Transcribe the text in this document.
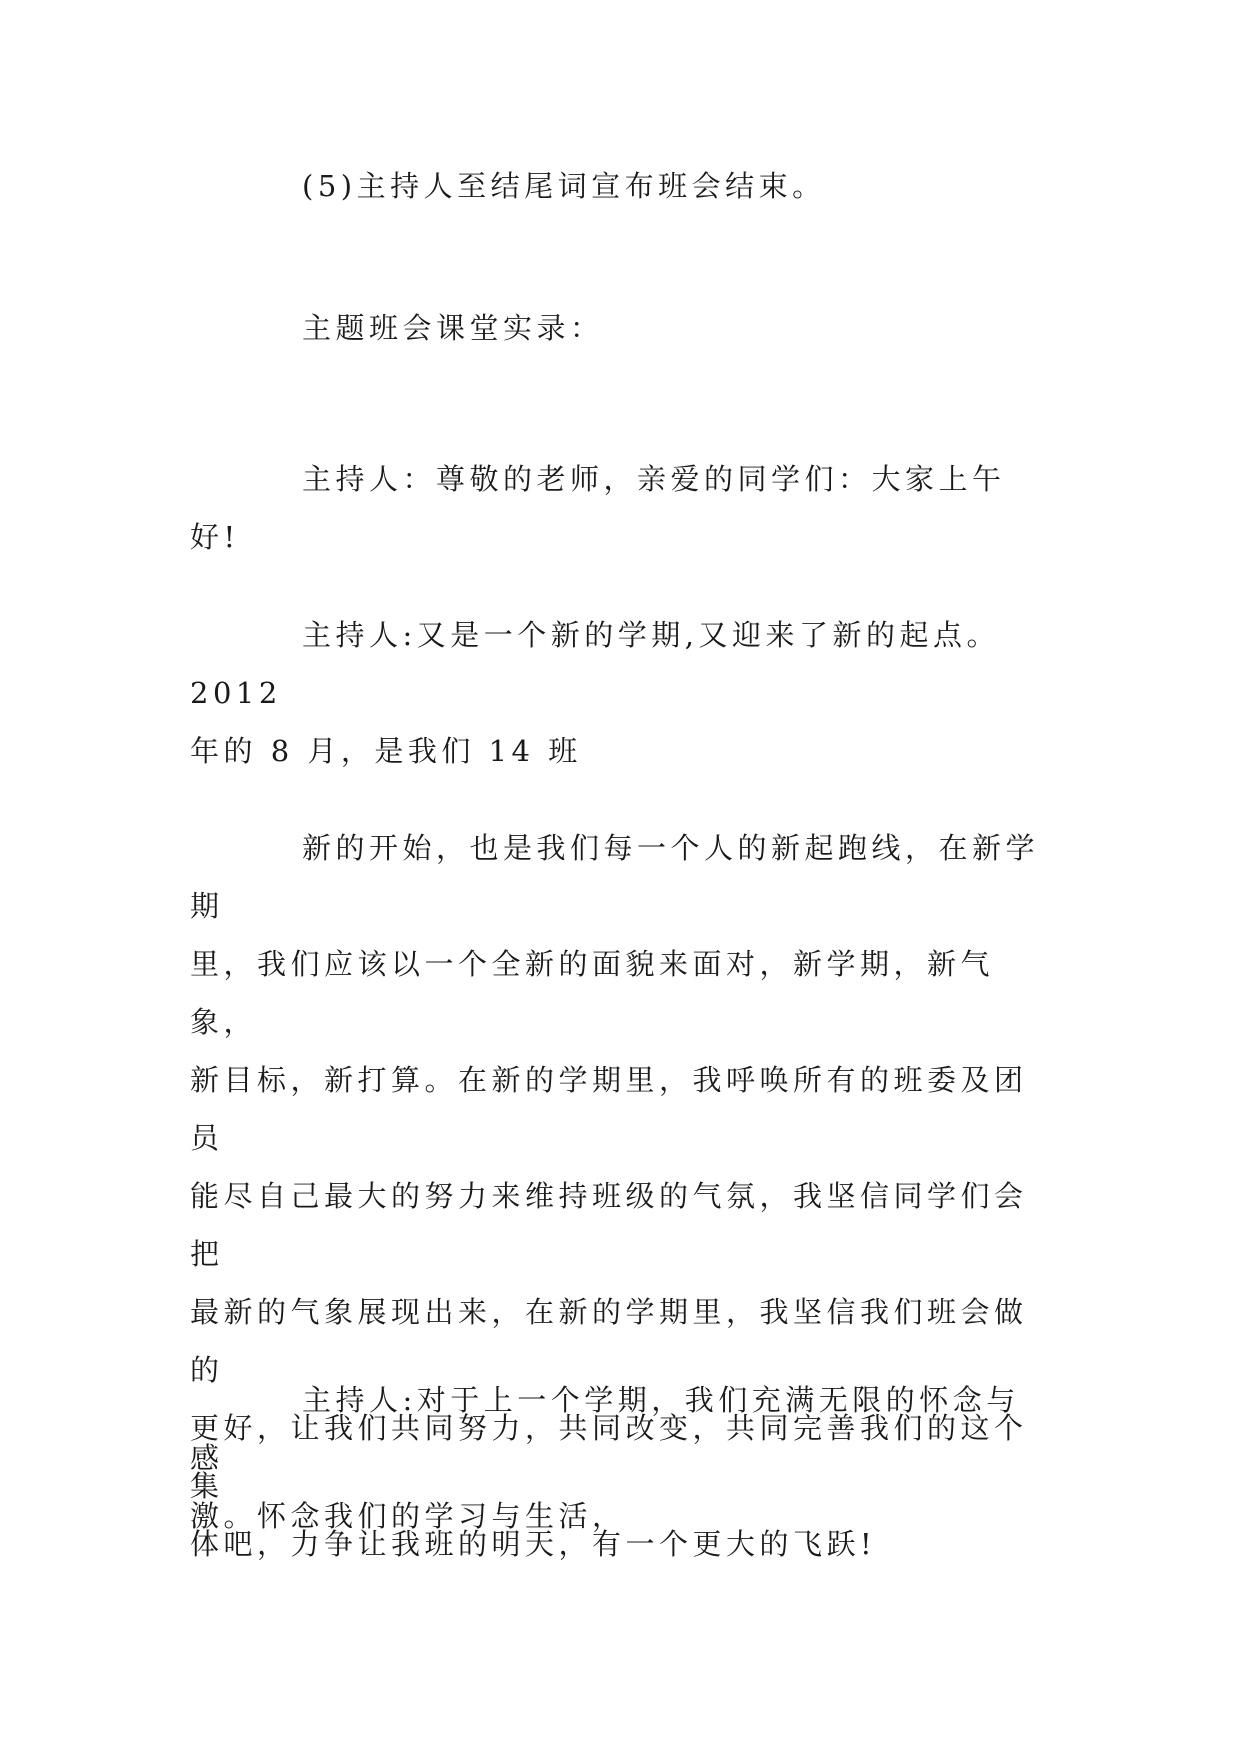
(5)主持人至结尾词宣布班会结束。

主题班会课堂实录：

主持人：尊敬的老师，亲爱的同学们：大家上午好!

主持人:又是一个新的学期,又迎来了新的起点。2012
年的 8 月，是我们 14 班

新的开始，也是我们每一个人的新起跑线，在新学期
里，我们应该以一个全新的面貌来面对，新学期，新气象，
新目标，新打算。在新的学期里，我呼唤所有的班委及团员
能尽自己最大的努力来维持班级的气氛，我坚信同学们会把
最新的气象展现出来，在新的学期里，我坚信我们班会做的
更好，让我们共同努力，共同改变，共同完善我们的这个集
体吧，力争让我班的明天，有一个更大的飞跃!

主持人:对于上一个学期，我们充满无限的怀念与感
激。怀念我们的学习与生活，
